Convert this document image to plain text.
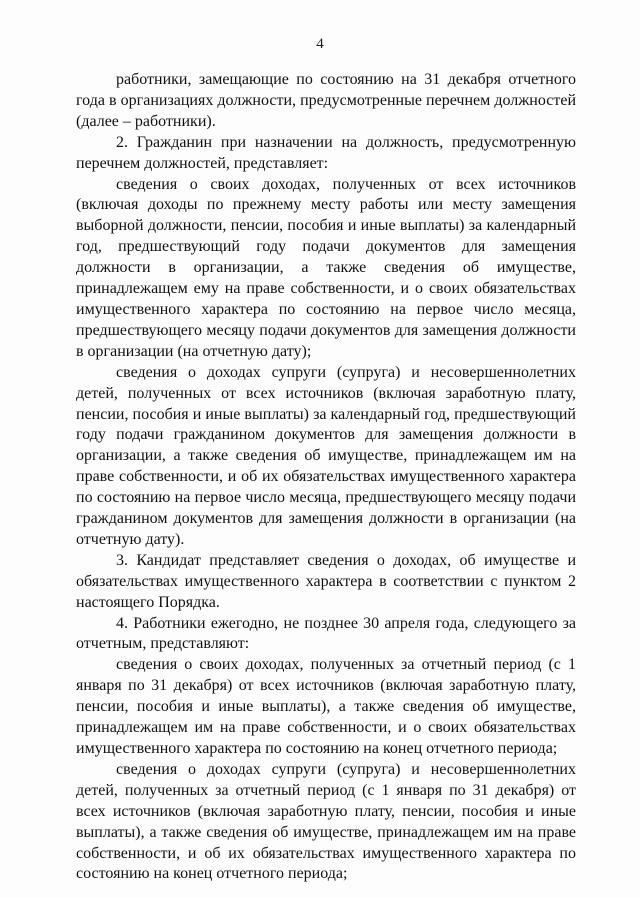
4

работники, замещающие по состоянию на 31 декабря отчетного года в организациях должности, предусмотренные перечнем должностей (далее – работники).

2. Гражданин при назначении на должность, предусмотренную перечнем должностей, представляет:

сведения о своих доходах, полученных от всех источников (включая доходы по прежнему месту работы или месту замещения выборной должности, пенсии, пособия и иные выплаты) за календарный год, предшествующий году подачи документов для замещения должности в организации, а также сведения об имуществе, принадлежащем ему на праве собственности, и о своих обязательствах имущественного характера по состоянию на первое число месяца, предшествующего месяцу подачи документов для замещения должности в организации (на отчетную дату);

сведения о доходах супруги (супруга) и несовершеннолетних детей, полученных от всех источников (включая заработную плату, пенсии, пособия и иные выплаты) за календарный год, предшествующий году подачи гражданином документов для замещения должности в организации, а также сведения об имуществе, принадлежащем им на праве собственности, и об их обязательствах имущественного характера по состоянию на первое число месяца, предшествующего месяцу подачи гражданином документов для замещения должности в организации (на отчетную дату).

3. Кандидат представляет сведения о доходах, об имуществе и обязательствах имущественного характера в соответствии с пунктом 2 настоящего Порядка.

4. Работники ежегодно, не позднее 30 апреля года, следующего за отчетным, представляют:

сведения о своих доходах, полученных за отчетный период (с 1 января по 31 декабря) от всех источников (включая заработную плату, пенсии, пособия и иные выплаты), а также сведения об имуществе, принадлежащем им на праве собственности, и о своих обязательствах имущественного характера по состоянию на конец отчетного периода;

сведения о доходах супруги (супруга) и несовершеннолетних детей, полученных за отчетный период (с 1 января по 31 декабря) от всех источников (включая заработную плату, пенсии, пособия и иные выплаты), а также сведения об имуществе, принадлежащем им на праве собственности, и об их обязательствах имущественного характера по состоянию на конец отчетного периода;
